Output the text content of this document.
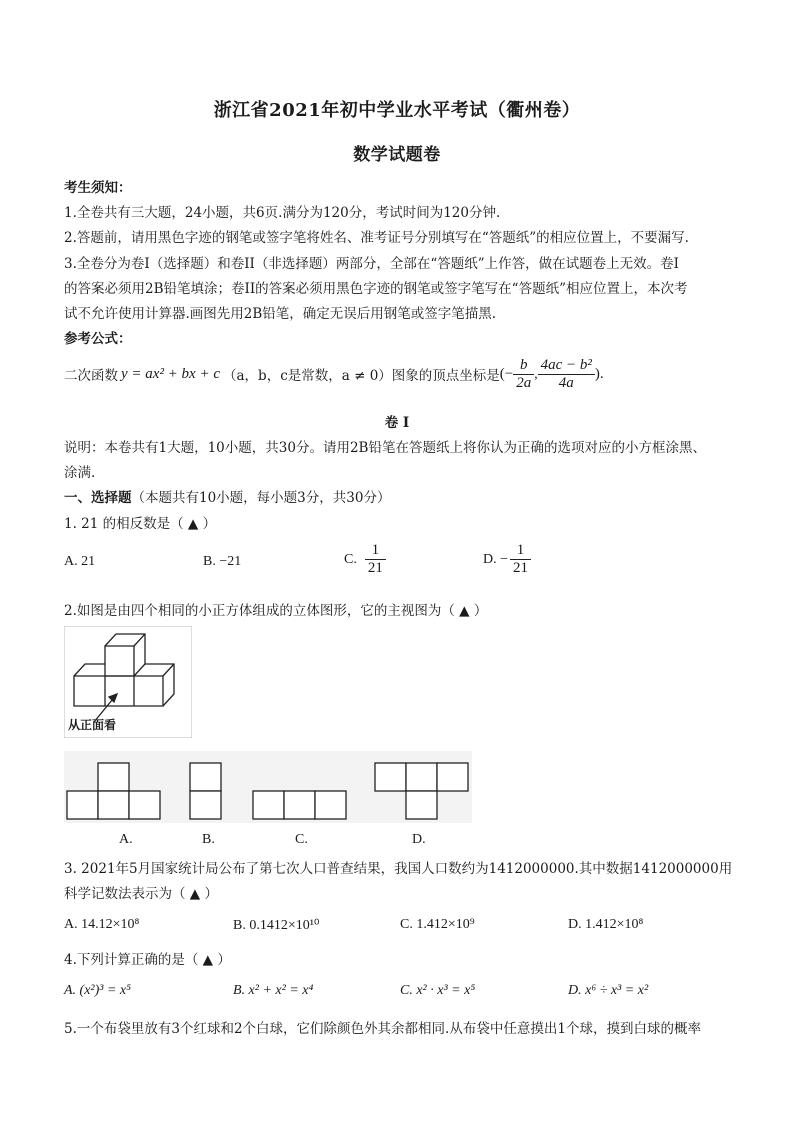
浙江省2021年初中学业水平考试（衢州卷）
数学试题卷
考生须知：
1.全卷共有三大题，24小题，共6页.满分为120分，考试时间为120分钟.
2.答题前，请用黑色字迹的钢笔或签字笔将姓名、准考证号分别填写在“答题纸”的相应位置上，不要漏写.
3.全卷分为卷I（选择题）和卷II（非选择题）两部分，全部在“答题纸”上作答，做在试题卷上无效。卷I
的答案必须用2B铅笔填涂；卷II的答案必须用黑色字迹的钢笔或签字笔写在“答题纸”相应位置上，本次考
试不允许使用计算器.画图先用2B铅笔，确定无误后用钢笔或签字笔描黑.
参考公式：
二次函数 y = ax² + bx + c （a，b，c是常数，a ≠ 0）图象的顶点坐标是 (− $\frac{b}{2a}$ , $\frac{\text{4ac − b²}}{4a}$ ).
卷 I
说明：本卷共有1大题，10小题，共30分。请用2B铅笔在答题纸上将你认为正确的选项对应的小方框涂黑、
涂满.
一、选择题（本题共有10小题，每小题3分，共30分）
1. 21 的相反数是（ ▲ ）
A. 21	B. −21	C. $\frac{1}{21}$	D. − $\frac{1}{21}$
2.如图是由四个相同的小正方体组成的立体图形，它的主视图为（ ▲ ）
从正面看
A.	B.	C.	D.
3. 2021年5月国家统计局公布了第七次人口普查结果，我国人口数约为1412000000.其中数据1412000000用
科学记数法表示为（ ▲ ）
A. 14.12×10⁸	B. 0.1412×10¹⁰	C. 1.412×10⁹	D. 1.412×10⁸
4.下列计算正确的是（ ▲ ）
A. (x²)³ = x⁵	B. x² + x² = x⁴	C. x² · x³ = x⁵	D. x⁶ ÷ x³ = x²
5.一个布袋里放有3个红球和2个白球，它们除颜色外其余都相同.从布袋中任意摸出1个球，摸到白球的概率
